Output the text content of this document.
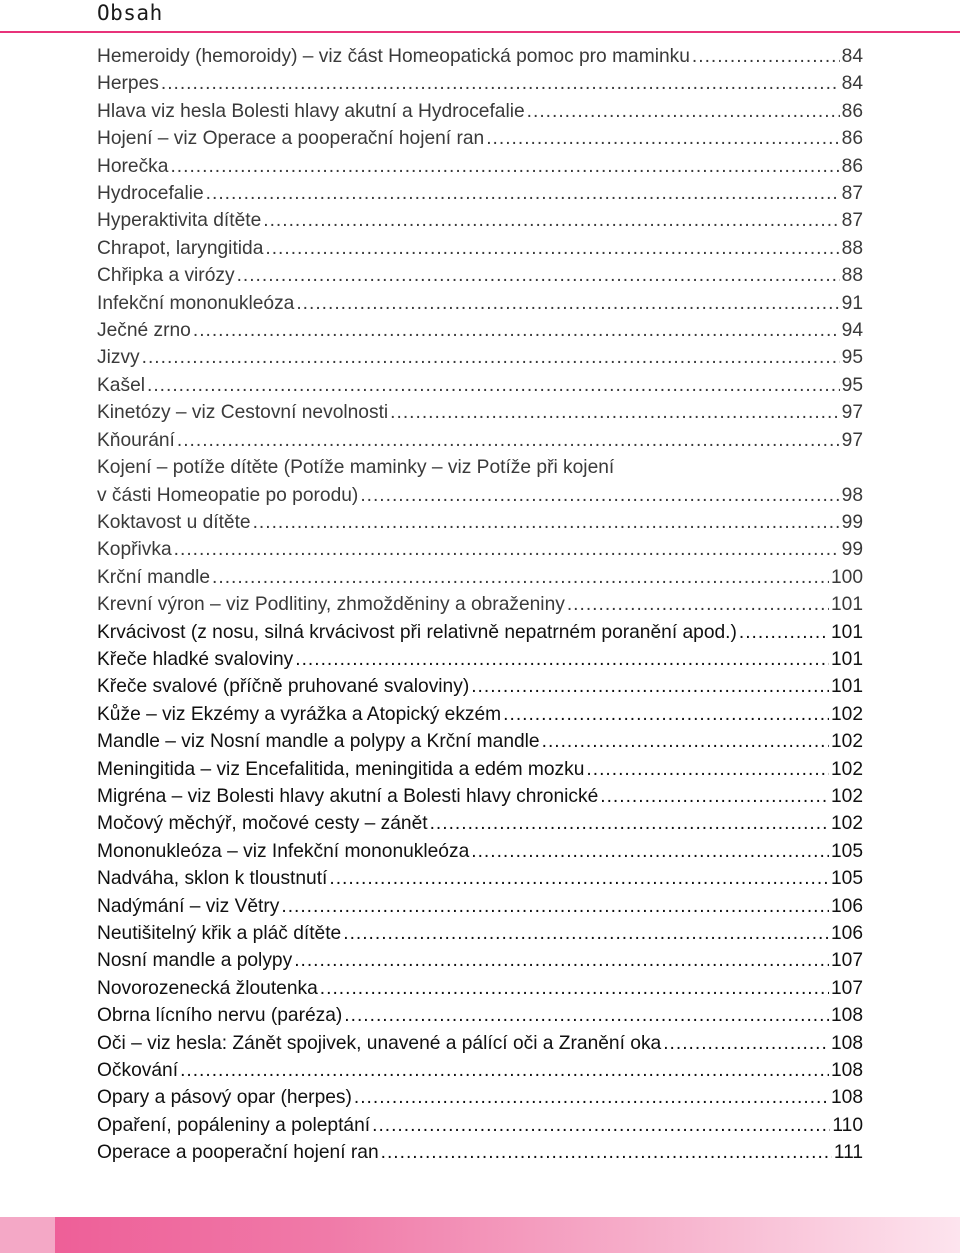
Obsah
Hemeroidy (hemoroidy) – viz část Homeopatická pomoc pro maminku .....	84
Herpes .....	84
Hlava viz hesla Bolesti hlavy akutní a Hydrocefalie .....	86
Hojení – viz Operace a pooperační hojení ran .....	86
Horečka .....	86
Hydrocefalie .....	87
Hyperaktivita dítěte .....	87
Chrapot, laryngitida .....	88
Chřipka a virózy .....	88
Infekční mononukleóza .....	91
Ječné zrno .....	94
Jizvy .....	95
Kašel .....	95
Kinetózy – viz Cestovní nevolnosti .....	97
Kňourání .....	97
Kojení – potíže dítěte (Potíže maminky – viz Potíže při kojení
v části Homeopatie po porodu) .....	98
Koktavost u dítěte .....	99
Kopřivka .....	99
Krční mandle .....	100
Krevní výron – viz Podlitiny, zhmožděniny a obraženiny .....	101
Krvácivost (z nosu, silná krvácivost při relativně nepatrném poranění apod.) .....	101
Křeče hladké svaloviny .....	101
Křeče svalové (příčně pruhované svaloviny) .....	101
Kůže – viz Ekzémy a vyrážka a Atopický ekzém .....	102
Mandle – viz Nosní mandle a polypy a Krční mandle .....	102
Meningitida – viz Encefalitida, meningitida a edém mozku .....	102
Migréna – viz Bolesti hlavy akutní a Bolesti hlavy chronické .....	102
Močový měchýř, močové cesty – zánět .....	102
Mononukleóza – viz Infekční mononukleóza .....	105
Nadváha, sklon k tloustnutí .....	105
Nadýmání – viz Větry .....	106
Neutišitelný křik a pláč dítěte .....	106
Nosní mandle a polypy .....	107
Novorozenecká žloutenka .....	107
Obrna lícního nervu (paréza) .....	108
Oči – viz hesla: Zánět spojivek, unavené a pálící oči a Zranění oka .....	108
Očkování .....	108
Opary a pásový opar (herpes) .....	108
Opaření, popáleniny a poleptání .....	110
Operace a pooperační hojení ran .....	111
8
